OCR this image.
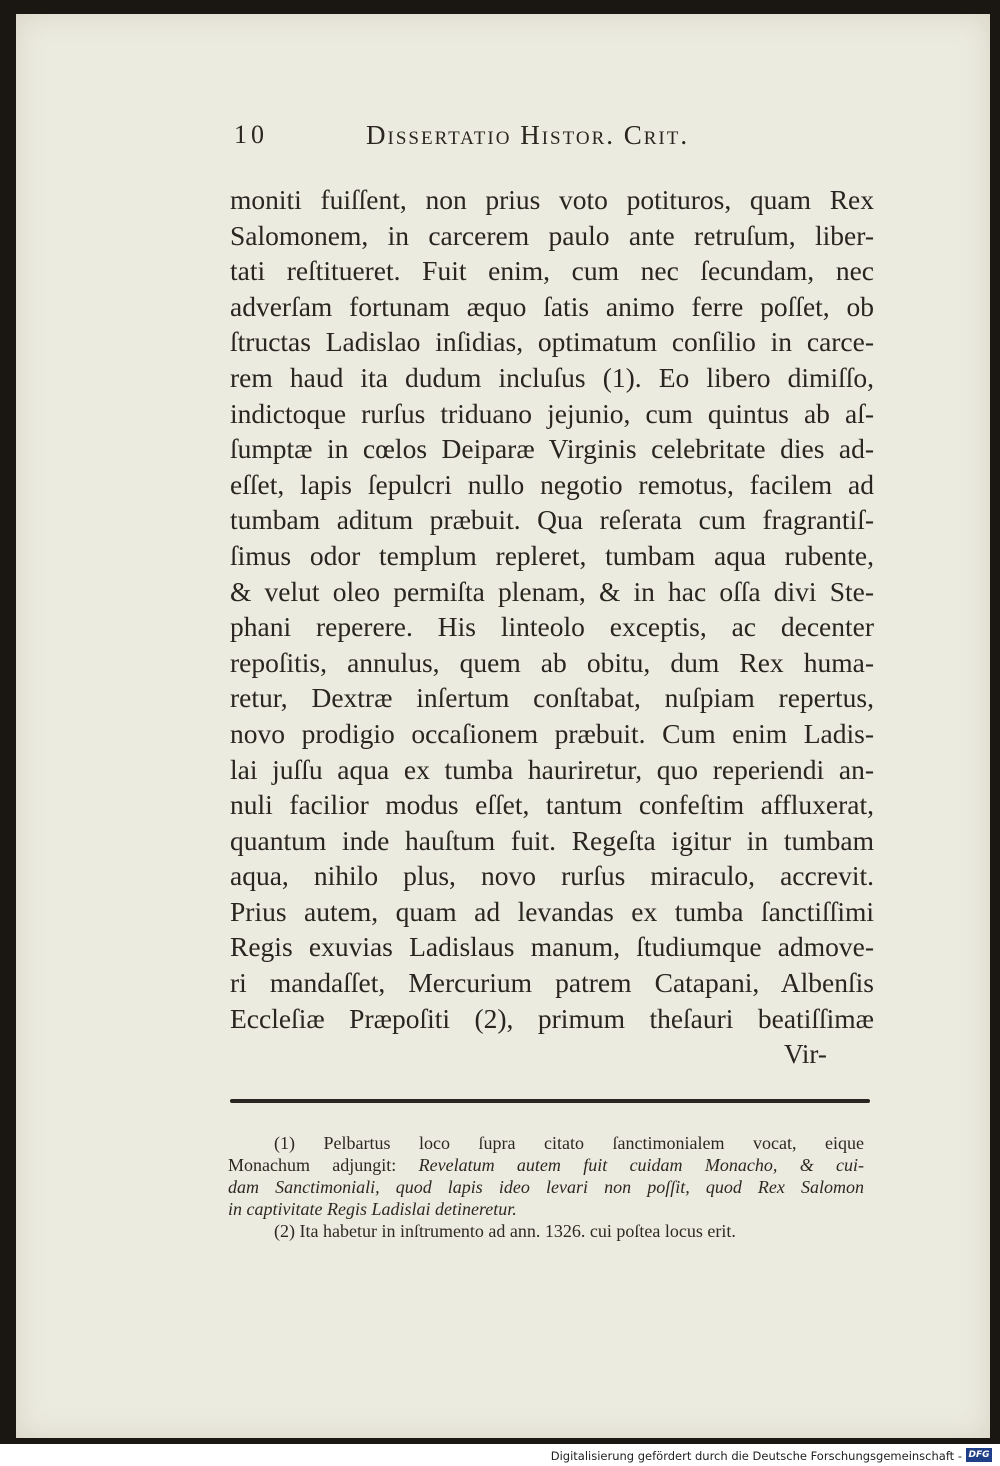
10	Dissertatio Histor. Crit.
moniti fuiſſent, non prius voto potituros, quam Rex
Salomonem, in carcerem paulo ante retruſum, liber-
tati reſtitueret. Fuit enim, cum nec ſecundam, nec
adverſam fortunam æquo ſatis animo ferre poſſet, ob
ſtructas Ladislao inſidias, optimatum conſilio in carce-
rem haud ita dudum incluſus (1). Eo libero dimiſſo,
indictoque rurſus triduano jejunio, cum quintus ab aſ-
ſumptæ in cœlos Deiparæ Virginis celebritate dies ad-
eſſet, lapis ſepulcri nullo negotio remotus, facilem ad
tumbam aditum præbuit. Qua reſerata cum fragrantiſ-
ſimus odor templum repleret, tumbam aqua rubente,
& velut oleo permiſta plenam, & in hac oſſa divi Ste-
phani reperere. His linteolo exceptis, ac decenter
repoſitis, annulus, quem ab obitu, dum Rex huma-
retur, Dextræ inſertum conſtabat, nuſpiam repertus,
novo prodigio occaſionem præbuit. Cum enim Ladis-
lai juſſu aqua ex tumba hauriretur, quo reperiendi an-
nuli facilior modus eſſet, tantum confeſtim affluxerat,
quantum inde hauſtum fuit. Regeſta igitur in tumbam
aqua, nihilo plus, novo rurſus miraculo, accrevit.
Prius autem, quam ad levandas ex tumba ſanctiſſimi
Regis exuvias Ladislaus manum, ſtudiumque admove-
ri mandaſſet, Mercurium patrem Catapani, Albenſis
Eccleſiæ Præpoſiti (2), primum theſauri beatiſſimæ
Vir-
(1) Pelbartus loco ſupra citato ſanctimonialem vocat, eique
Monachum adjungit: Revelatum autem fuit cuidam Monacho, & cui-
dam Sanctimoniali, quod lapis ideo levari non poſſit, quod Rex Salomon
in captivitate Regis Ladislai detineretur.
(2) Ita habetur in inſtrumento ad ann. 1326. cui poſtea locus erit.
Digitalisierung gefördert durch die Deutsche Forschungsgemeinschaft - DFG
